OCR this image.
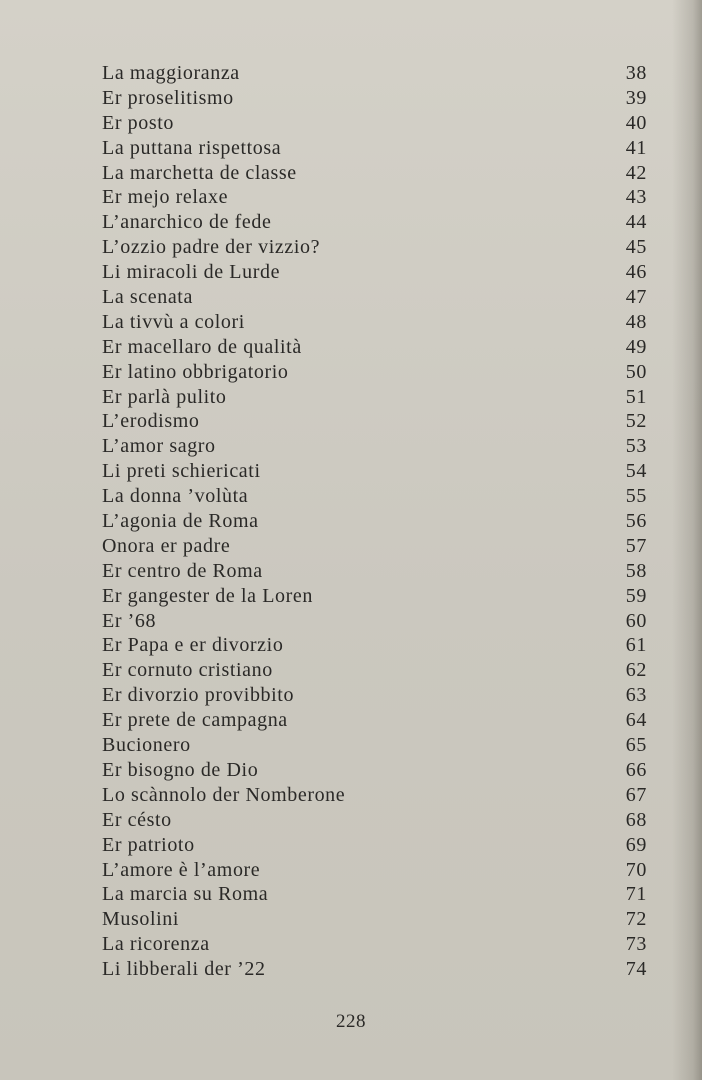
La maggioranza	38
Er proselitismo	39
Er posto	40
La puttana rispettosa	41
La marchetta de classe	42
Er mejo relaxe	43
L’anarchico de fede	44
L’ozzio padre der vizzio?	45
Li miracoli de Lurde	46
La scenata	47
La tivvù a colori	48
Er macellaro de qualità	49
Er latino obbrigatorio	50
Er parlà pulito	51
L’erodismo	52
L’amor sagro	53
Li preti schiericati	54
La donna ’volùta	55
L’agonia de Roma	56
Onora er padre	57
Er centro de Roma	58
Er gangester de la Loren	59
Er ’68	60
Er Papa e er divorzio	61
Er cornuto cristiano	62
Er divorzio provibbito	63
Er prete de campagna	64
Bucionero	65
Er bisogno de Dio	66
Lo scànnolo der Nomberone	67
Er césto	68
Er patrioto	69
L’amore è l’amore	70
La marcia su Roma	71
Musolini	72
La ricorenza	73
Li libberali der ’22	74
228
